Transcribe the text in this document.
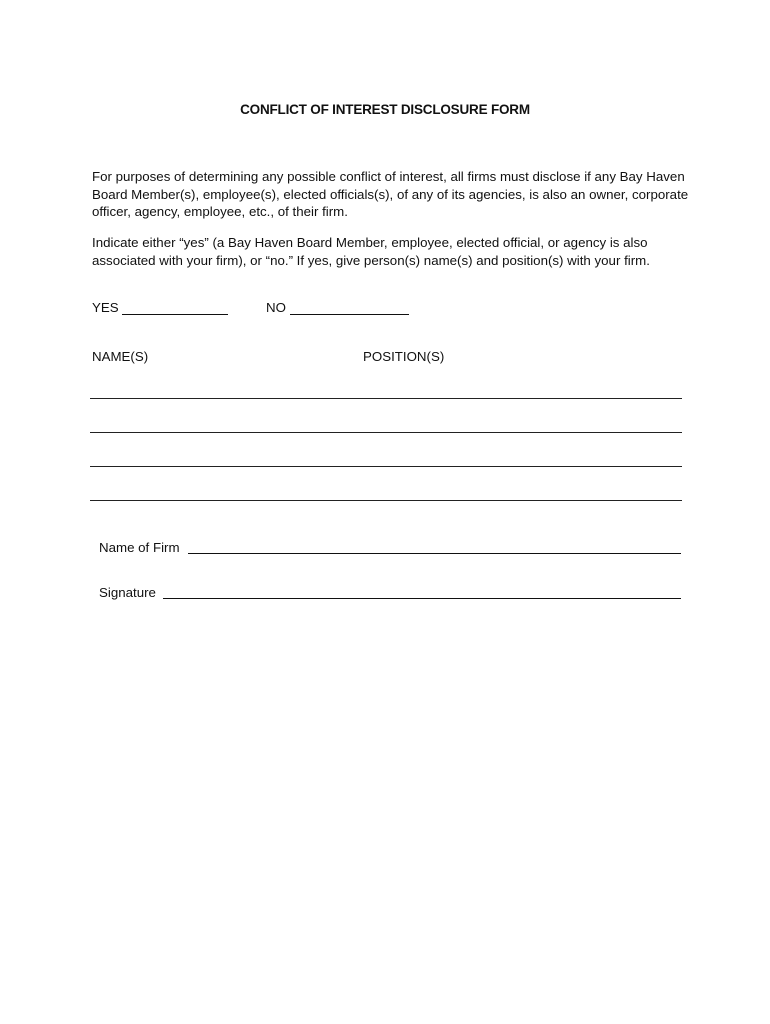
CONFLICT OF INTEREST DISCLOSURE FORM

For purposes of determining any possible conflict of interest, all firms must disclose if any Bay Haven Board Member(s), employee(s), elected officials(s), of any of its agencies, is also an owner, corporate officer, agency, employee, etc., of their firm.

Indicate either “yes” (a Bay Haven Board Member, employee, elected official, or agency is also associated with your firm), or “no.” If yes, give person(s) name(s) and position(s) with your firm.

YES	NO
NAME(S)	POSITION(S)
Name of Firm
Signature
